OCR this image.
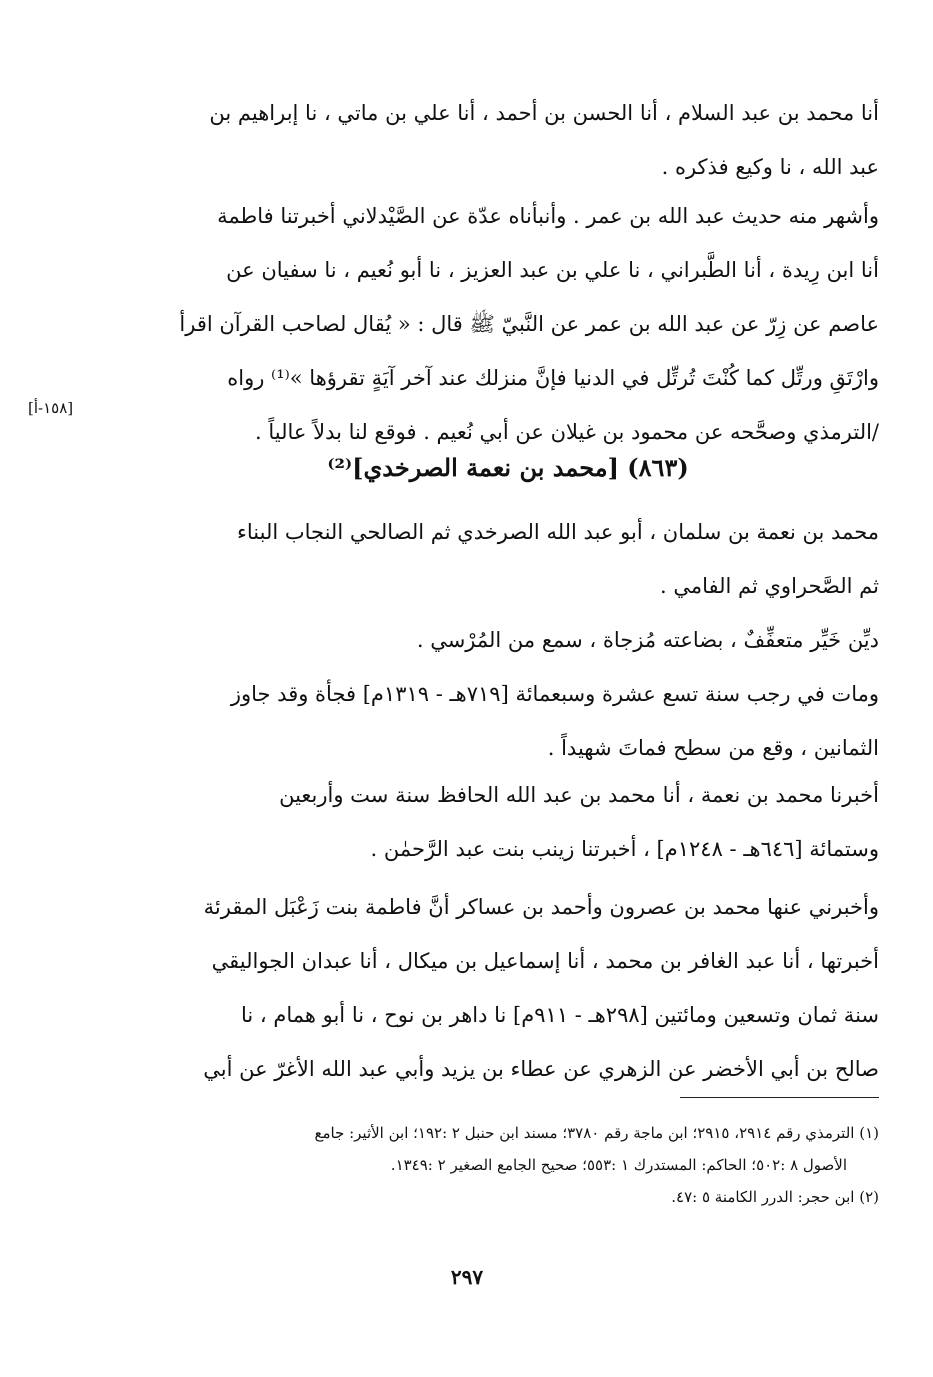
أنا محمد بن عبد السلام ، أنا الحسن بن أحمد ، أنا علي بن ماتي ، نا إبراهيم بن
عبد الله ، نا وكيع فذكره .
وأشهر منه حديث عبد الله بن عمر . وأنبأناه عدّة عن الصَّيْدلاني أخبرتنا فاطمة
أنا ابن رِيدة ، أنا الطَّبراني ، نا علي بن عبد العزيز ، نا أبو نُعيم ، نا سفيان عن
عاصم عن زِرّ عن عبد الله بن عمر عن النَّبيّ ﷺ قال : « يُقال لصاحب القرآن اقرأ
وارْتَقِ ورتِّل كما كُنْتَ تُرتِّل في الدنيا فإنَّ منزلك عند آخر آيَةٍ تقرؤها »⁽¹⁾ رواه
/الترمذي وصحَّحه عن محمود بن غيلان عن أبي نُعيم . فوقع لنا بدلاً عالياً .
[١٥٨-أ]
(٨٦٣) [محمد بن نعمة الصرخدي]⁽²⁾
محمد بن نعمة بن سلمان ، أبو عبد الله الصرخدي ثم الصالحي النجاب البناء
ثم الصَّحراوي ثم الفامي .
ديِّن خَيِّر متعفِّفٌ ، بضاعته مُزجاة ، سمع من المُرْسي .
ومات في رجب سنة تسع عشرة وسبعمائة [٧١٩هـ - ١٣١٩م] فجأة وقد جاوز
الثمانين ، وقع من سطح فماتَ شهيداً .
أخبرنا محمد بن نعمة ، أنا محمد بن عبد الله الحافظ سنة ست وأربعين
وستمائة [٦٤٦هـ - ١٢٤٨م] ، أخبرتنا زينب بنت عبد الرَّحمٰن .
وأخبرني عنها محمد بن عصرون وأحمد بن عساكر أنَّ فاطمة بنت زَعْبَل المقرئة
أخبرتها ، أنا عبد الغافر بن محمد ، أنا إسماعيل بن ميكال ، أنا عبدان الجواليقي
سنة ثمان وتسعين ومائتين [٢٩٨هـ - ٩١١م] نا داهر بن نوح ، نا أبو همام ، نا
صالح بن أبي الأخضر عن الزهري عن عطاء بن يزيد وأبي عبد الله الأغرّ عن أبي
(١) الترمذي رقم ٢٩١٤، ٢٩١٥؛ ابن ماجة رقم ٣٧٨٠؛ مسند ابن حنبل ٢ :١٩٢؛ ابن الأثير: جامع
الأصول ٨ :٥٠٢؛ الحاكم: المستدرك ١ :٥٥٣؛ صحيح الجامع الصغير ٢ :١٣٤٩.
(٢) ابن حجر: الدرر الكامنة ٥ :٤٧.
٢٩٧
